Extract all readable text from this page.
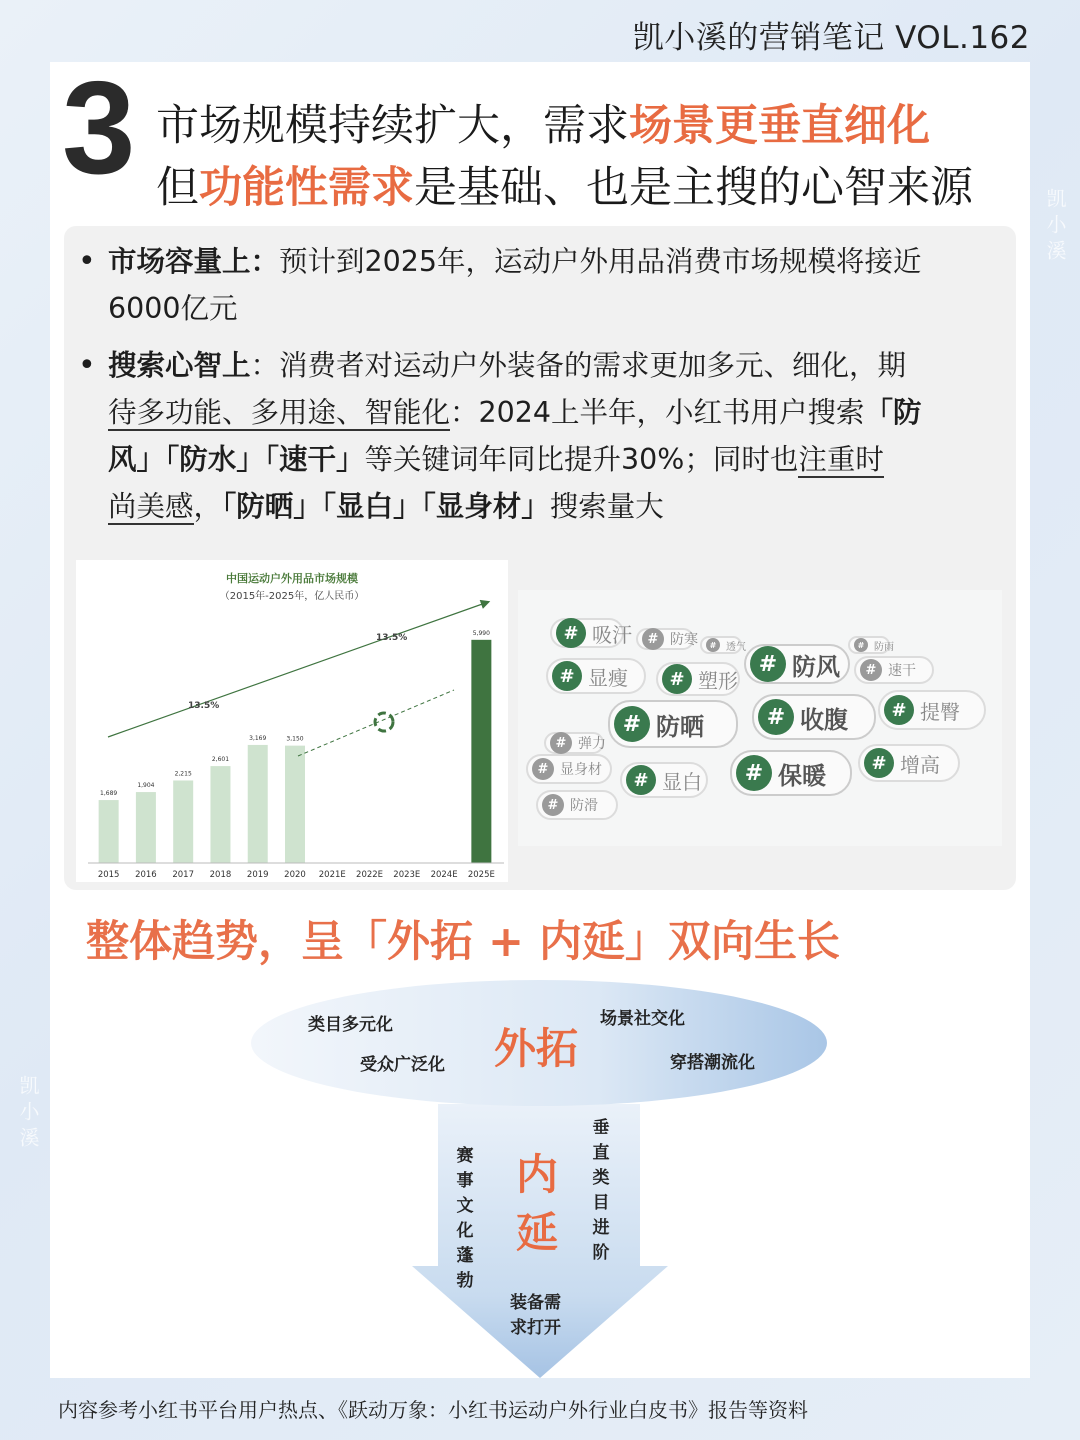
凯小溪的营销笔记 VOL.162
凯小溪
凯小溪
3 市场规模持续扩大，需求场景更垂直细化
但功能性需求是基础、也是主搜的心智来源
• 市场容量上：预计到2025年，运动户外用品消费市场规模将接近
6000亿元
• 搜索心智上：消费者对运动户外装备的需求更加多元、细化，期
待多功能、多用途、智能化：2024上半年，小红书用户搜索「防
风」「防水」「速干」等关键词年同比提升30%；同时也注重时
尚美感，「防晒」「显白」「显身材」搜索量大
中国运动户外用品市场规模
（2015年-2025年，亿人民币）
1,689
2015
1,904
2016
2,215
2017
2,601
2018
3,169
2019
3,150
2020 2021E 2022E 2023E 2024E
5,990
2025E
13.5%
13.5%	# 吸汗	# 防寒	# 透气
# 显瘦	# 塑形
# 防风	# 速干
# 防雨
# 防晒	# 收腹	# 提臀
# 弹力
# 显身材	# 显白	# 保暖	# 增高
# 防滑
整体趋势，呈「外拓 + 内延」双向生长
类目多元化
受众广泛化
场景社交化
穿搭潮流化
外拓
赛事文化蓬勃
垂直类目进阶
内延
装备需
求打开
内容参考小红书平台用户热点、《跃动万象：小红书运动户外行业白皮书》报告等资料
